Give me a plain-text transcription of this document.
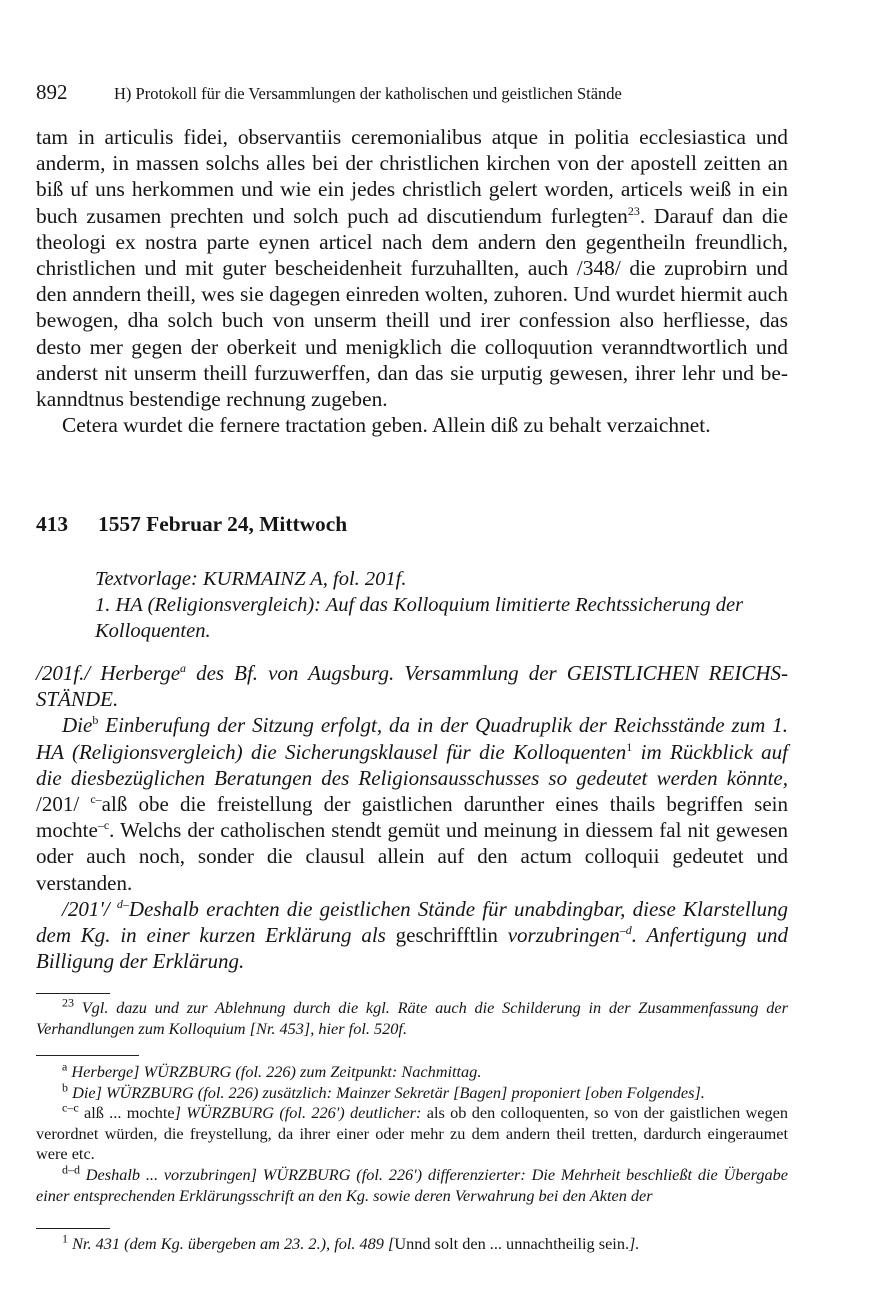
892	H) Protokoll für die Versammlungen der katholischen und geistlichen Stände

tam in articulis fidei, observantiis ceremonialibus atque in politia ecclesiastica und anderm, in massen solchs alles bei der christlichen kirchen von der apostell zeitten an biß uf uns herkommen und wie ein jedes christlich gelert worden, articels weiß in ein buch zusamen prechten und solch puch ad discutiendum furlegten$^{23}$. Darauf dan die theologi ex nostra parte eynen articel nach dem andern den gegentheiln freundlich, christlichen und mit guter bescheidenheit furzuhallten, auch /348/ die zuprobirn und den anndern theill, wes sie dagegen einreden wolten, zuhoren. Und wurdet hiermit auch bewogen, dha solch buch von unserm theill und irer confession also herfliesse, das desto mer gegen der oberkeit und menigklich die colloquution veranndtwortlich und anderst nit unserm theill furzuwerffen, dan das sie urputig gewesen, ihrer lehr und bekanndtnus bestendige rechnung zugeben.

Cetera wurdet die fernere tractation geben. Allein diß zu behalt verzaichnet.

413 1557 Februar 24, Mittwoch
Textvorlage: KURMAINZ A, fol. 201f.
1. HA (Religionsvergleich): Auf das Kolloquium limitierte Rechtssicherung der Kolloquenten.

/201f./ Herberge$^a$ des Bf. von Augsburg. Versammlung der GEISTLICHEN REICHSSTÄNDE.

Die$^b$ Einberufung der Sitzung erfolgt, da in der Quadruplik der Reichsstände zum 1. HA (Religionsvergleich) die Sicherungsklausel für die Kolloquenten$^1$ im Rückblick auf die diesbezüglichen Beratungen des Religionsausschusses so gedeutet werden könnte, /201/ $^{c-}$alß obe die freistellung der gaistlichen darunther eines thails begriffen sein mochte$^{-c}$. Welchs der catholischen stendt gemüt und meinung in diessem fal nit gewesen oder auch noch, sonder die clausul allein auf den actum colloquii gedeutet und verstanden.

/201'/ $^{d-}$Deshalb erachten die geistlichen Stände für unabdingbar, diese Klarstellung dem Kg. in einer kurzen Erklärung als geschrifftlin vorzubringen$^{-d}$. Anfertigung und Billigung der Erklärung.

$^{23}$ Vgl. dazu und zur Ablehnung durch die kgl. Räte auch die Schilderung in der Zusammenfassung der Verhandlungen zum Kolloquium [Nr. 453], hier fol. 520f.

$^a$ Herberge] WÜRZBURG (fol. 226) zum Zeitpunkt: Nachmittag.

$^b$ Die] WÜRZBURG (fol. 226) zusätzlich: Mainzer Sekretär [Bagen] proponiert [oben Folgendes].

$^{c-c}$ alß ... mochte] WÜRZBURG (fol. 226') deutlicher: als ob den colloquenten, so von der gaistlichen wegen verordnet würden, die freystellung, da ihrer einer oder mehr zu dem andern theil tretten, dardurch eingeraumet were etc.

$^{d-d}$ Deshalb ... vorzubringen] WÜRZBURG (fol. 226') differenzierter: Die Mehrheit beschließt die Übergabe einer entsprechenden Erklärungsschrift an den Kg. sowie deren Verwahrung bei den Akten der

$^1$ Nr. 431 (dem Kg. übergeben am 23. 2.), fol. 489 [Unnd solt den ... unnachtheilig sein.].
